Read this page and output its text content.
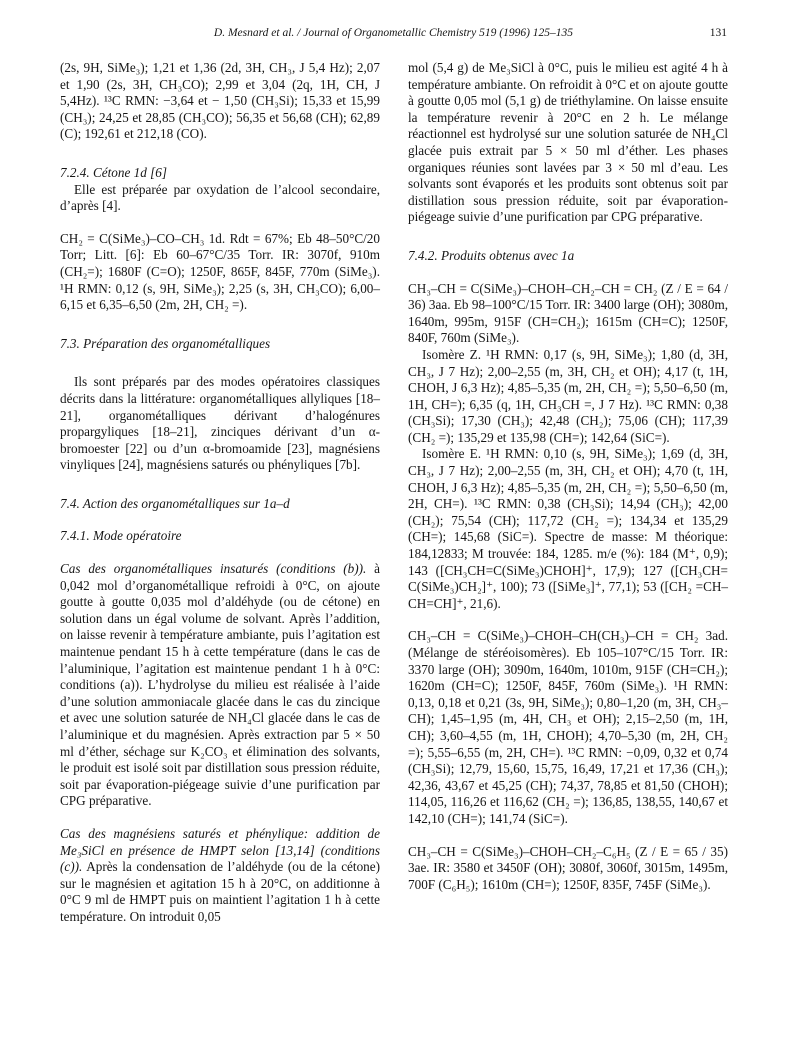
D. Mesnard et al. / Journal of Organometallic Chemistry 519 (1996) 125–135	131

(2s, 9H, SiMe₃); 1,21 et 1,36 (2d, 3H, CH₃, J 5,4 Hz); 2,07 et 1,90 (2s, 3H, CH₃CO); 2,99 et 3,04 (2q, 1H, CH, J 5,4Hz). ¹³C RMN: −3,64 et − 1,50 (CH₃Si); 15,33 et 15,99 (CH₃); 24,25 et 28,85 (CH₃CO); 56,35 et 56,68 (CH); 62,89 (C); 192,61 et 212,18 (CO).

7.2.4. Cétone 1d [6]

Elle est préparée par oxydation de l’alcool secondaire, d’après [4].

CH₂ = C(SiMe₃)–CO–CH₃ 1d. Rdt = 67%; Eb 48–50°C/20 Torr; Litt. [6]: Eb 60–67°C/35 Torr. IR: 3070f, 910m (CH₂=); 1680F (C=O); 1250F, 865F, 845F, 770m (SiMe₃). ¹H RMN: 0,12 (s, 9H, SiMe₃); 2,25 (s, 3H, CH₃CO); 6,00–6,15 et 6,35–6,50 (2m, 2H, CH₂ =).

7.3. Préparation des organométalliques

Ils sont préparés par des modes opératoires classiques décrits dans la littérature: organométalliques allyliques [18–21], organométalliques dérivant d’halogénures propargyliques [18–21], zinciques dérivant d’un α-bromoester [22] ou d’un α-bromoamide [23], magnésiens vinyliques [24], magnésiens saturés ou phényliques [7b].

7.4. Action des organométalliques sur 1a–d

7.4.1. Mode opératoire

Cas des organométalliques insaturés (conditions (b)). à 0,042 mol d’organométallique refroidi à 0°C, on ajoute goutte à goutte 0,035 mol d’aldéhyde (ou de cétone) en solution dans un égal volume de solvant. Après l’addition, on laisse revenir à température ambiante, puis l’agitation est maintenue pendant 15 h à cette température (dans le cas de l’aluminique, l’agitation est maintenue pendant 1 h à 0°C: conditions (a)). L’hydrolyse du milieu est réalisée à l’aide d’une solution ammoniacale glacée dans le cas du zincique et avec une solution saturée de NH₄Cl glacée dans le cas de l’aluminique et du magnésien. Après extraction par 5 × 50 ml d’éther, séchage sur K₂CO₃ et élimination des solvants, le produit est isolé soit par distillation sous pression réduite, soit par évaporation-piégeage suivie d’une purification par CPG préparative.

Cas des magnésiens saturés et phénylique: addition de Me₃SiCl en présence de HMPT selon [13,14] (conditions (c)). Après la condensation de l’aldéhyde (ou de la cétone) sur le magnésien et agitation 15 h à 20°C, on additionne à 0°C 9 ml de HMPT puis on maintient l’agitation 1 h à cette température. On introduit 0,05

mol (5,4 g) de Me₃SiCl à 0°C, puis le milieu est agité 4 h à température ambiante. On refroidit à 0°C et on ajoute goutte à goutte 0,05 mol (5,1 g) de triéthylamine. On laisse ensuite la température revenir à 20°C en 2 h. Le mélange réactionnel est hydrolysé sur une solution saturée de NH₄Cl glacée puis extrait par 5 × 50 ml d’éther. Les phases organiques réunies sont lavées par 3 × 50 ml d’eau. Les solvants sont évaporés et les produits sont obtenus soit par distillation sous pression réduite, soit par évaporation-piégeage suivie d’une purification par CPG préparative.

7.4.2. Produits obtenus avec 1a

CH₃–CH = C(SiMe₃)–CHOH–CH₂–CH = CH₂ (Z / E = 64 / 36) 3aa. Eb 98–100°C/15 Torr. IR: 3400 large (OH); 3080m, 1640m, 995m, 915F (CH=CH₂); 1615m (CH=C); 1250F, 840F, 760m (SiMe₃).

Isomère Z. ¹H RMN: 0,17 (s, 9H, SiMe₃); 1,80 (d, 3H, CH₃, J 7 Hz); 2,00–2,55 (m, 3H, CH₂ et OH); 4,17 (t, 1H, CHOH, J 6,3 Hz); 4,85–5,35 (m, 2H, CH₂ =); 5,50–6,50 (m, 1H, CH=); 6,35 (q, 1H, CH₃CH =, J 7 Hz). ¹³C RMN: 0,38 (CH₃Si); 17,30 (CH₃); 42,48 (CH₂); 75,06 (CH); 117,39 (CH₂ =); 135,29 et 135,98 (CH=); 142,64 (SiC=).

Isomère E. ¹H RMN: 0,10 (s, 9H, SiMe₃); 1,69 (d, 3H, CH₃, J 7 Hz); 2,00–2,55 (m, 3H, CH₂ et OH); 4,70 (t, 1H, CHOH, J 6,3 Hz); 4,85–5,35 (m, 2H, CH₂ =); 5,50–6,50 (m, 2H, CH=). ¹³C RMN: 0,38 (CH₃Si); 14,94 (CH₃); 42,00 (CH₂); 75,54 (CH); 117,72 (CH₂ =); 134,34 et 135,29 (CH=); 145,68 (SiC=). Spectre de masse: M théorique: 184,12833; M trouvée: 184, 1285. m/e (%): 184 (M⁺, 0,9); 143 ([CH₃CH=C(SiMe₃)CHOH]⁺, 17,9); 127 ([CH₃CH= C(SiMe₃)CH₂]⁺, 100); 73 ([SiMe₃]⁺, 77,1); 53 ([CH₂ =CH–CH=CH]⁺, 21,6).

CH₃–CH = C(SiMe₃)–CHOH–CH(CH₃)–CH = CH₂ 3ad. (Mélange de stéréoisomères). Eb 105–107°C/15 Torr. IR: 3370 large (OH); 3090m, 1640m, 1010m, 915F (CH=CH₂); 1620m (CH=C); 1250F, 845F, 760m (SiMe₃). ¹H RMN: 0,13, 0,18 et 0,21 (3s, 9H, SiMe₃); 0,80–1,20 (m, 3H, CH₃–CH); 1,45–1,95 (m, 4H, CH₃ et OH); 2,15–2,50 (m, 1H, CH); 3,60–4,55 (m, 1H, CHOH); 4,70–5,30 (m, 2H, CH₂ =); 5,55–6,55 (m, 2H, CH=). ¹³C RMN: −0,09, 0,32 et 0,74 (CH₃Si); 12,79, 15,60, 15,75, 16,49, 17,21 et 17,36 (CH₃); 42,36, 43,67 et 45,25 (CH); 74,37, 78,85 et 81,50 (CHOH); 114,05, 116,26 et 116,62 (CH₂ =); 136,85, 138,55, 140,67 et 142,10 (CH=); 141,74 (SiC=).

CH₃–CH = C(SiMe₃)–CHOH–CH₂–C₆H₅ (Z / E = 65 / 35) 3ae. IR: 3580 et 3450F (OH); 3080f, 3060f, 3015m, 1495m, 700F (C₆H₅); 1610m (CH=); 1250F, 835F, 745F (SiMe₃).
